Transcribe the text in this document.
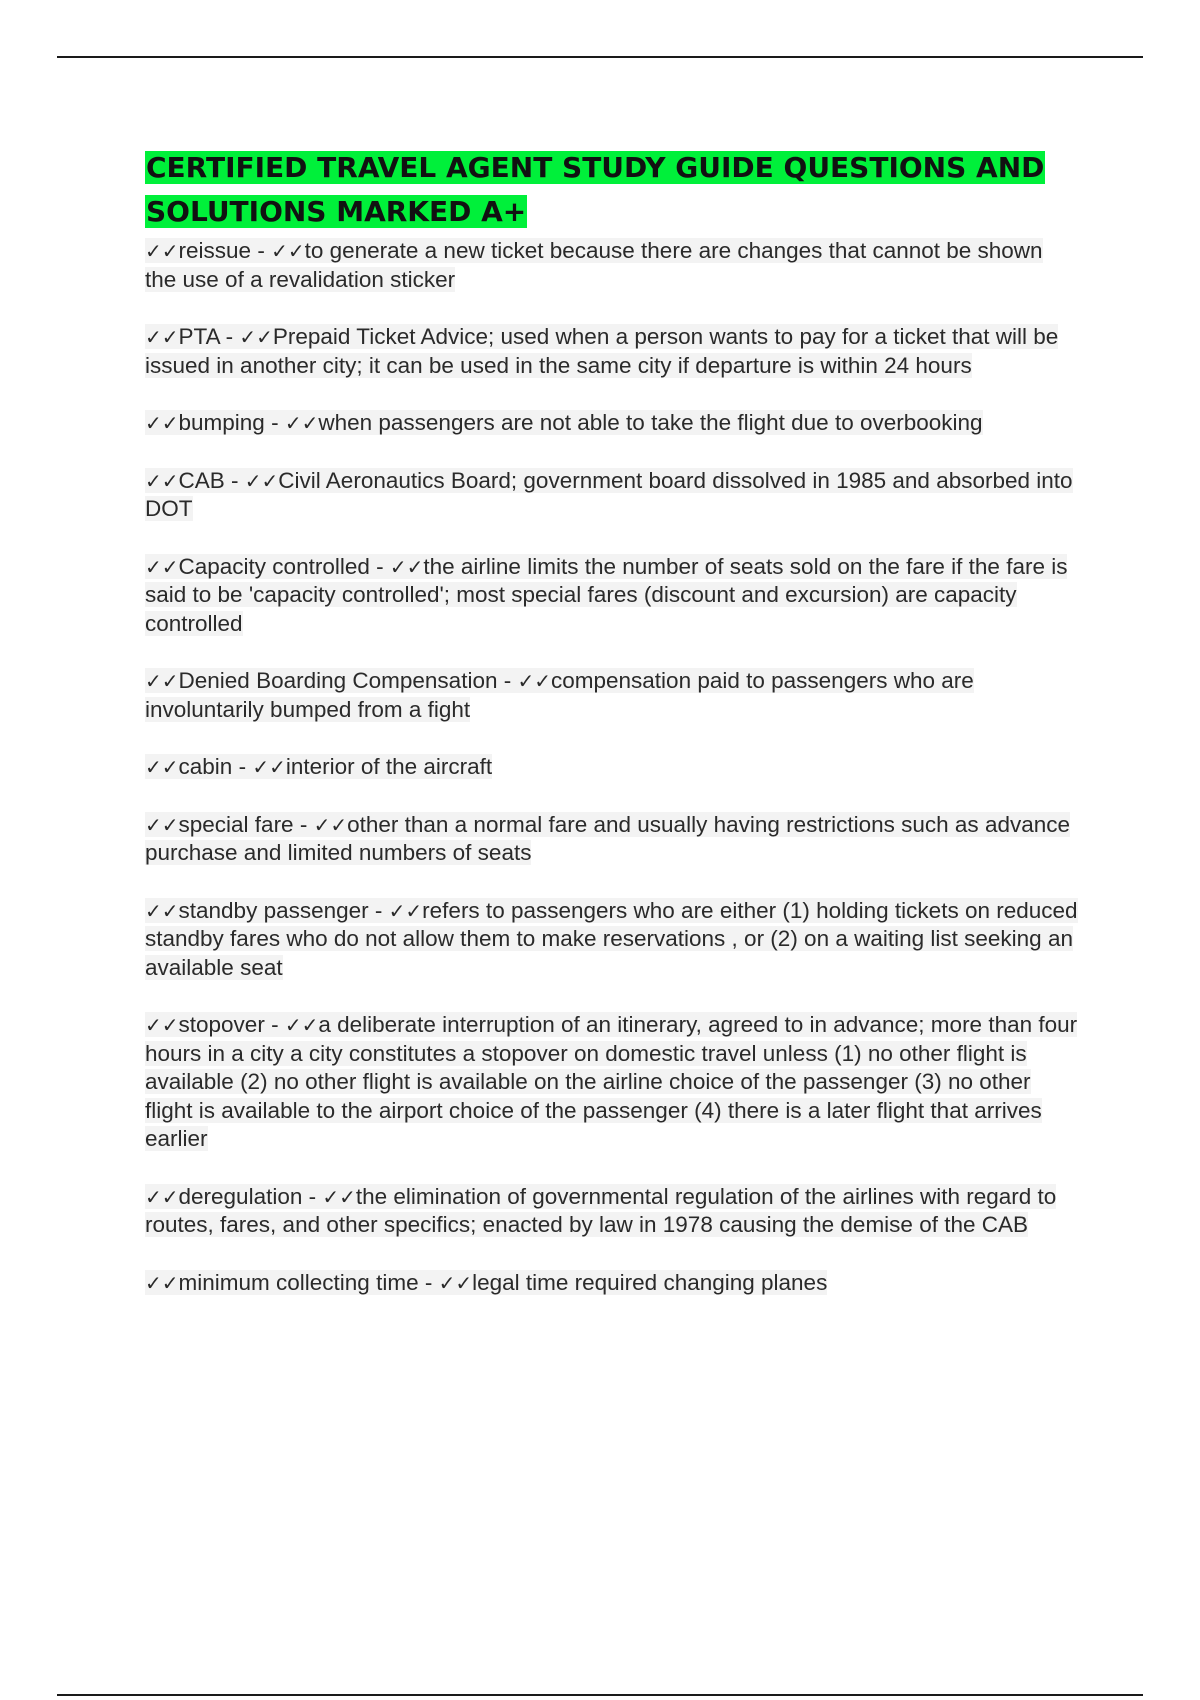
CERTIFIED TRAVEL AGENT STUDY GUIDE QUESTIONS AND SOLUTIONS MARKED A+

✓✓reissue - ✓✓to generate a new ticket because there are changes that cannot be shown the use of a revalidation sticker

✓✓PTA - ✓✓Prepaid Ticket Advice; used when a person wants to pay for a ticket that will be issued in another city; it can be used in the same city if departure is within 24 hours

✓✓bumping - ✓✓when passengers are not able to take the flight due to overbooking

✓✓CAB - ✓✓Civil Aeronautics Board; government board dissolved in 1985 and absorbed into DOT

✓✓Capacity controlled - ✓✓the airline limits the number of seats sold on the fare if the fare is said to be 'capacity controlled'; most special fares (discount and excursion) are capacity controlled

✓✓Denied Boarding Compensation - ✓✓compensation paid to passengers who are involuntarily bumped from a fight

✓✓cabin - ✓✓interior of the aircraft

✓✓special fare - ✓✓other than a normal fare and usually having restrictions such as advance purchase and limited numbers of seats

✓✓standby passenger - ✓✓refers to passengers who are either (1) holding tickets on reduced standby fares who do not allow them to make reservations , or (2) on a waiting list seeking an available seat

✓✓stopover - ✓✓a deliberate interruption of an itinerary, agreed to in advance; more than four hours in a city a city constitutes a stopover on domestic travel unless (1) no other flight is available (2) no other flight is available on the airline choice of the passenger (3) no other flight is available to the airport choice of the passenger (4) there is a later flight that arrives earlier

✓✓deregulation - ✓✓the elimination of governmental regulation of the airlines with regard to routes, fares, and other specifics; enacted by law in 1978 causing the demise of the CAB

✓✓minimum collecting time - ✓✓legal time required changing planes
